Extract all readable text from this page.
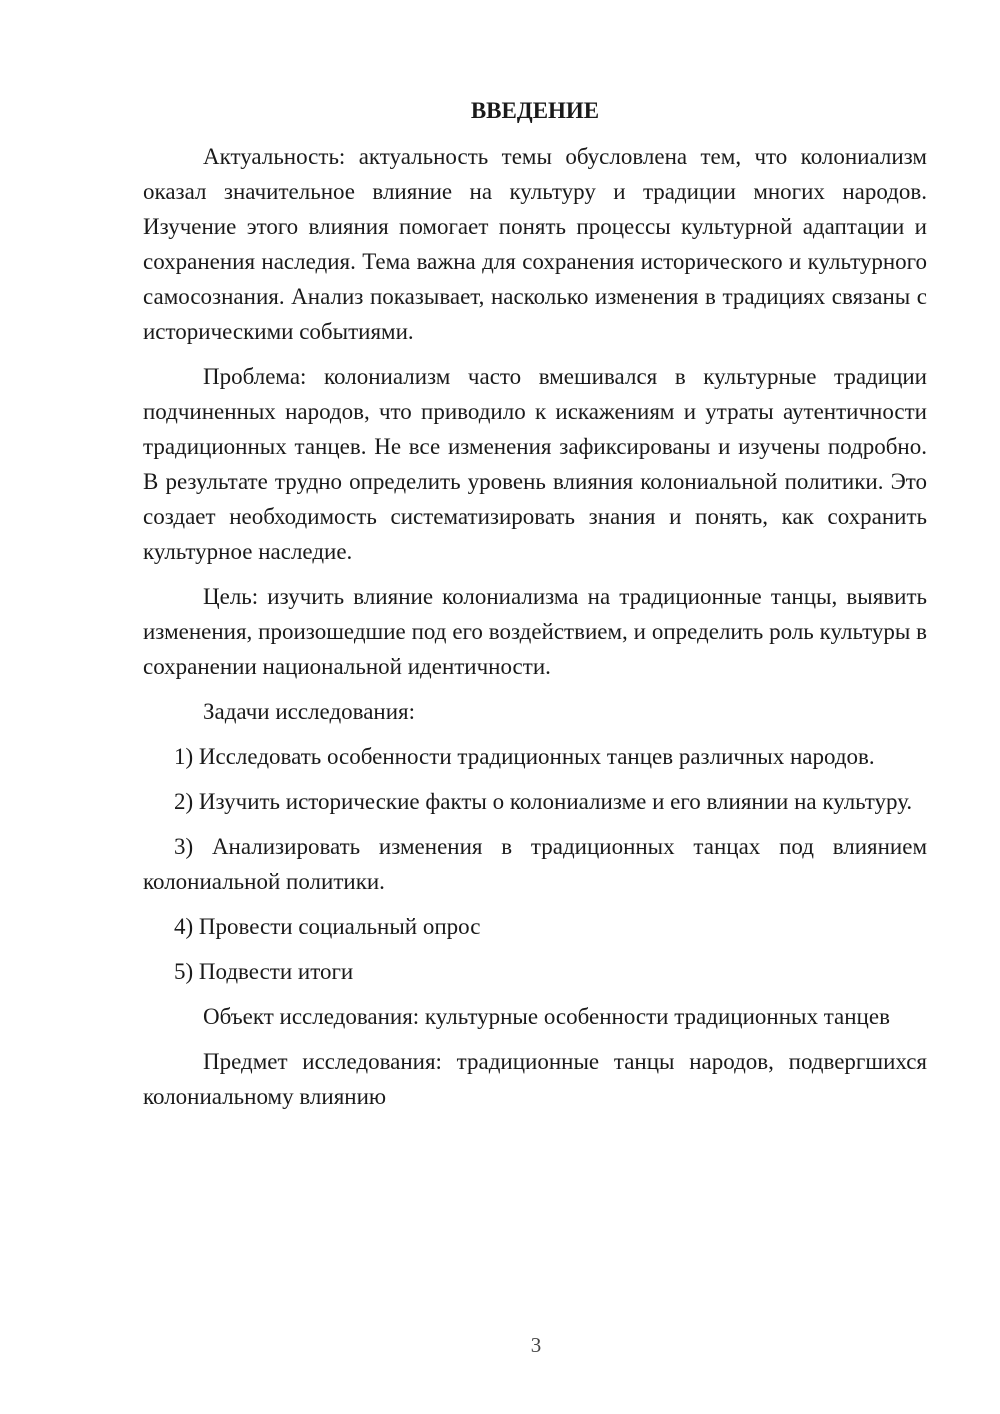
ВВЕДЕНИЕ

Актуальность: актуальность темы обусловлена тем, что колониализм оказал значительное влияние на культуру и традиции многих народов. Изучение этого влияния помогает понять процессы культурной адаптации и сохранения наследия. Тема важна для сохранения исторического и культурного самосознания. Анализ показывает, насколько изменения в традициях связаны с историческими событиями.

Проблема: колониализм часто вмешивался в культурные традиции подчиненных народов, что приводило к искажениям и утраты аутентичности традиционных танцев. Не все изменения зафиксированы и изучены подробно. В результате трудно определить уровень влияния колониальной политики. Это создает необходимость систематизировать знания и понять, как сохранить культурное наследие.

Цель: изучить влияние колониализма на традиционные танцы, выявить изменения, произошедшие под его воздействием, и определить роль культуры в сохранении национальной идентичности.

Задачи исследования:

1) Исследовать особенности традиционных танцев различных народов.

2) Изучить исторические факты о колониализме и его влиянии на культуру.

3) Анализировать изменения в традиционных танцах под влиянием колониальной политики.

4) Провести социальный опрос

5) Подвести итоги

Объект исследования: культурные особенности традиционных танцев

Предмет исследования: традиционные танцы народов, подвергшихся колониальному влиянию

3
